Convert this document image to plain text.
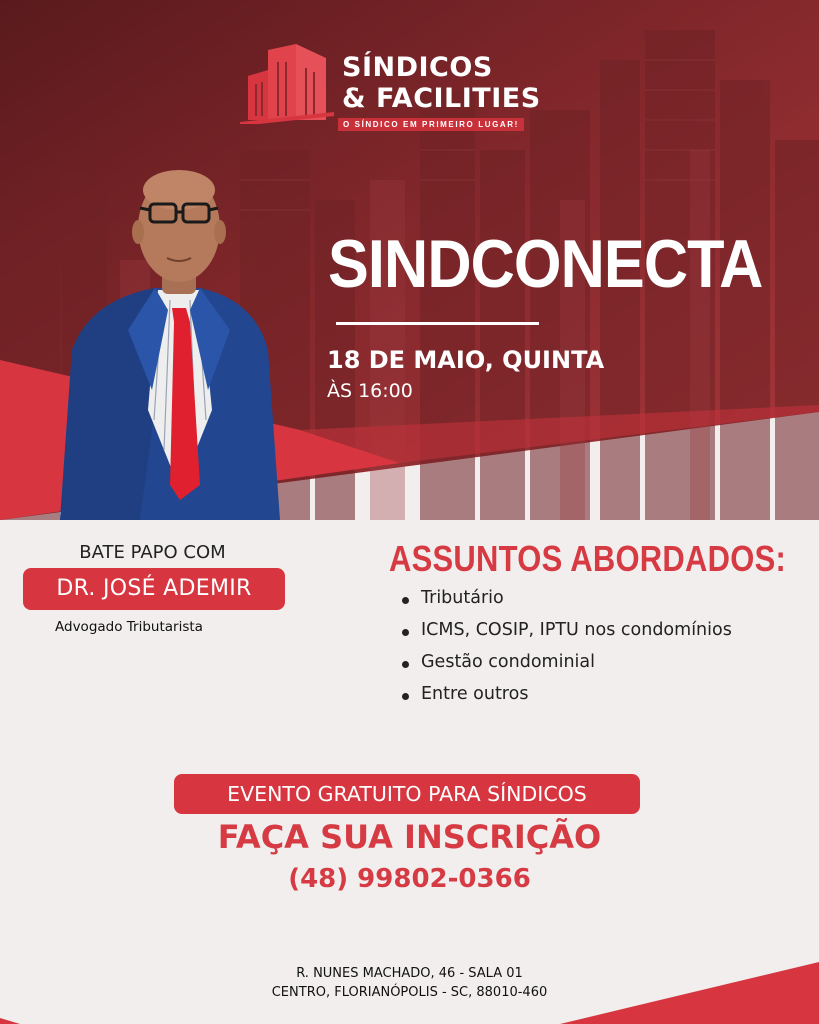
SÍNDICOS
& FACILITIES
O SÍNDICO EM PRIMEIRO LUGAR!
SINDCONECTA
18 DE MAIO, QUINTA
ÀS 16:00
BATE PAPO COM
DR. JOSÉ ADEMIR
Advogado Tributarista
ASSUNTOS ABORDADOS:
Tributário
ICMS, COSIP, IPTU nos condomínios
Gestão condominial
Entre outros
EVENTO GRATUITO PARA SÍNDICOS
FAÇA SUA INSCRIÇÃO
(48) 99802-0366
R. NUNES MACHADO, 46 - SALA 01
CENTRO, FLORIANÓPOLIS - SC, 88010-460
